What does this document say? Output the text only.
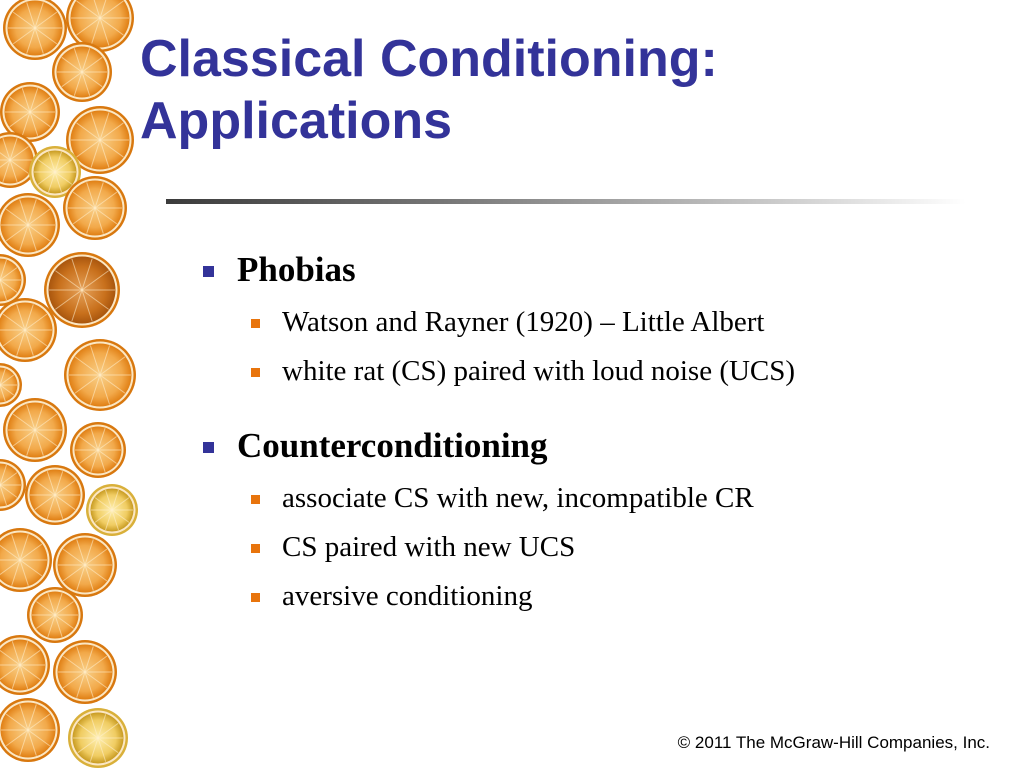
Classical Conditioning:
Applications
Phobias
Watson and Rayner (1920) – Little Albert
white rat (CS) paired with loud noise (UCS)
Counterconditioning
associate CS with new, incompatible CR
CS paired with new UCS
aversive conditioning
© 2011 The McGraw-Hill Companies, Inc.
